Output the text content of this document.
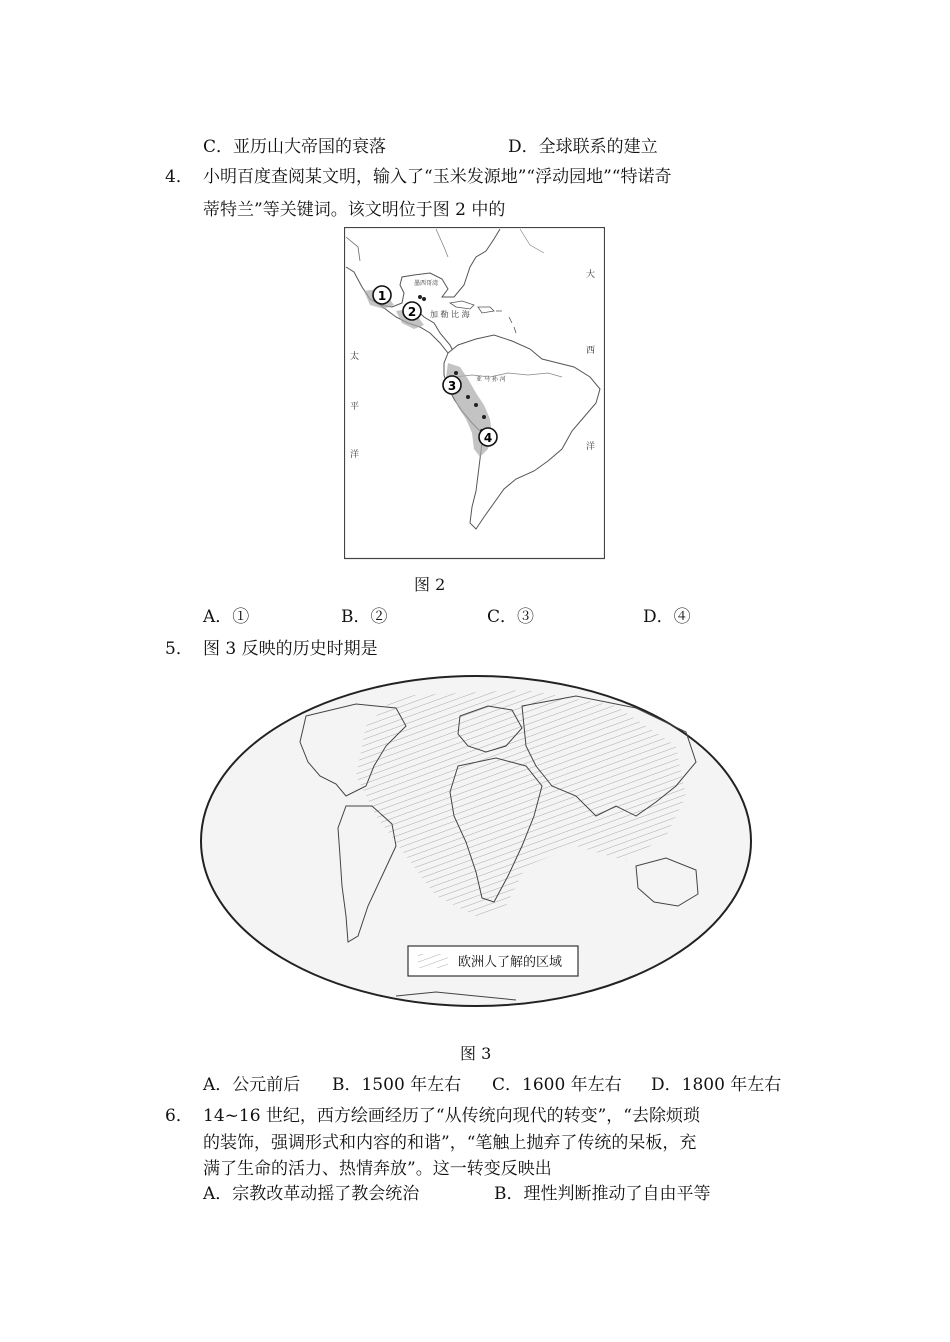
C．亚历山大帝国的衰落	D．全球联系的建立
4． 小明百度查阅某文明，输入了“玉米发源地”“浮动园地”“特诺奇
蒂特兰”等关键词。该文明位于图 2 中的
1
2
3
4
墨西哥湾
加 勒 比 海
亚 马 孙 河
大
西
洋
太
平
洋
图 2
A．①	B．②	C．③	D．④
5． 图 3 反映的历史时期是
欧洲人了解的区域
图 3
A．公元前后 B．1500 年左右 C．1600 年左右 D．1800 年左右
6． 14~16 世纪，西方绘画经历了“从传统向现代的转变”，“去除烦琐
的装饰，强调形式和内容的和谐”，“笔触上抛弃了传统的呆板，充
满了生命的活力、热情奔放”。这一转变反映出
A．宗教改革动摇了教会统治	B．理性判断推动了自由平等
